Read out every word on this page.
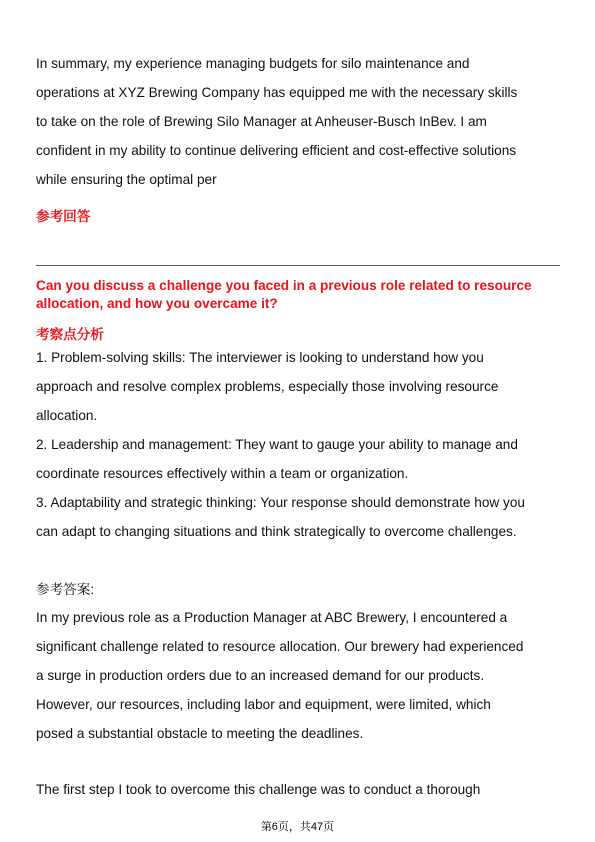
In summary, my experience managing budgets for silo maintenance and
operations at XYZ Brewing Company has equipped me with the necessary skills
to take on the role of Brewing Silo Manager at Anheuser-Busch InBev. I am
confident in my ability to continue delivering efficient and cost-effective solutions
while ensuring the optimal per
参考回答
Can you discuss a challenge you faced in a previous role related to resource
allocation, and how you overcame it?
考察点分析
1. Problem-solving skills: The interviewer is looking to understand how you
approach and resolve complex problems, especially those involving resource
allocation.
2. Leadership and management: They want to gauge your ability to manage and
coordinate resources effectively within a team or organization.
3. Adaptability and strategic thinking: Your response should demonstrate how you
can adapt to changing situations and think strategically to overcome challenges.
参考答案:
In my previous role as a Production Manager at ABC Brewery, I encountered a
significant challenge related to resource allocation. Our brewery had experienced
a surge in production orders due to an increased demand for our products.
However, our resources, including labor and equipment, were limited, which
posed a substantial obstacle to meeting the deadlines.
The first step I took to overcome this challenge was to conduct a thorough
第6页，共47页
